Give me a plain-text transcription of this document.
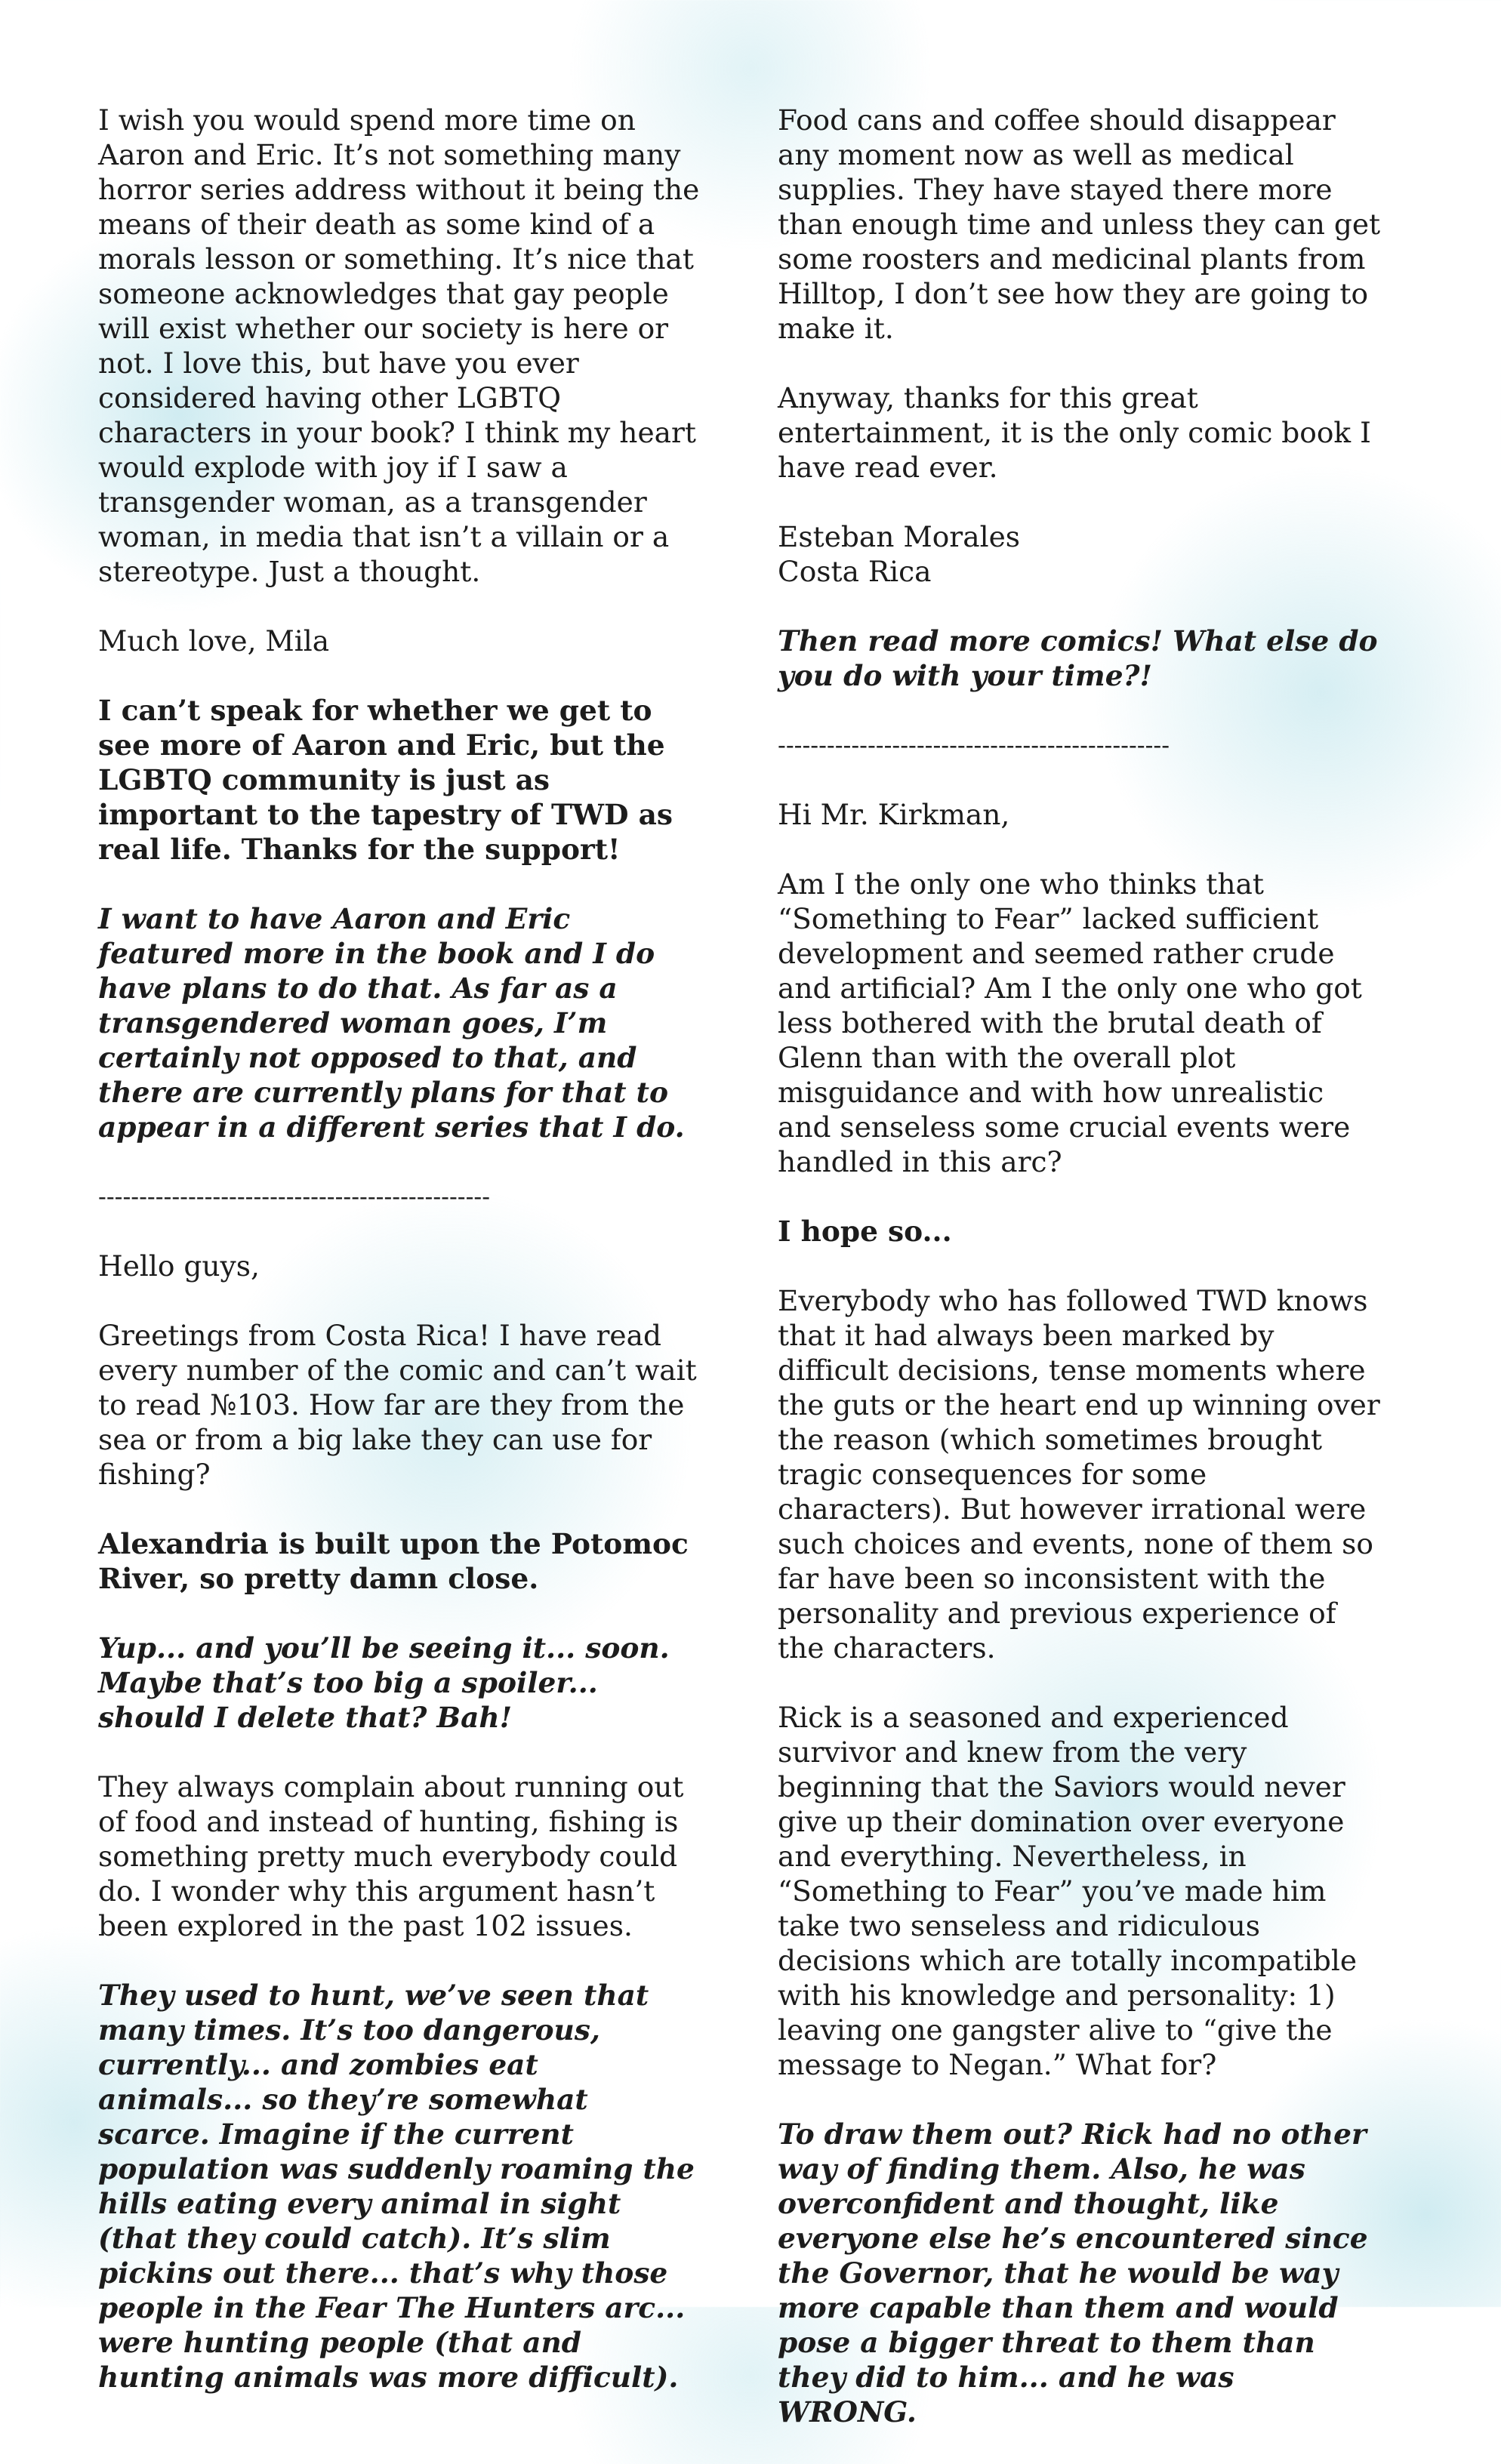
I wish you would spend more time on Aaron and Eric. It’s not something many horror series address without it being the means of their death as some kind of a morals lesson or something. It’s nice that someone acknowledges that gay people will exist whether our society is here or not. I love this, but have you ever considered having other LGBTQ characters in your book? I think my heart would explode with joy if I saw a transgender woman, as a transgender woman, in media that isn’t a villain or a stereotype. Just a thought.

Much love, Mila

I can’t speak for whether we get to see more of Aaron and Eric, but the LGBTQ community is just as important to the tapestry of TWD as real life. Thanks for the support!

I want to have Aaron and Eric featured more in the book and I do have plans to do that. As far as a transgendered woman goes, I’m certainly not opposed to that, and there are currently plans for that to appear in a different series that I do.

------------------------------------------------

Hello guys,

Greetings from Costa Rica! I have read every number of the comic and can’t wait to read №103. How far are they from the sea or from a big lake they can use for fishing?

Alexandria is built upon the Potomoc River, so pretty damn close.

Yup... and you’ll be seeing it... soon. Maybe that’s too big a spoiler... should I delete that? Bah!

They always complain about running out of food and instead of hunting, fishing is something pretty much everybody could do. I wonder why this argument hasn’t been explored in the past 102 issues.

They used to hunt, we’ve seen that many times. It’s too dangerous, currently... and zombies eat animals... so they’re somewhat scarce. Imagine if the current population was suddenly roaming the hills eating every animal in sight (that they could catch). It’s slim pickins out there... that’s why those people in the Fear The Hunters arc... were hunting people (that and hunting animals was more difficult).

Food cans and coffee should disappear any moment now as well as medical supplies. They have stayed there more than enough time and unless they can get some roosters and medicinal plants from Hilltop, I don’t see how they are going to make it.

Anyway, thanks for this great entertainment, it is the only comic book I have read ever.

Esteban Morales
Costa Rica

Then read more comics! What else do you do with your time?!

------------------------------------------------

Hi Mr. Kirkman,

Am I the only one who thinks that “Something to Fear” lacked sufficient development and seemed rather crude and artificial? Am I the only one who got less bothered with the brutal death of Glenn than with the overall plot misguidance and with how unrealistic and senseless some crucial events were handled in this arc?

I hope so...

Everybody who has followed TWD knows that it had always been marked by difficult decisions, tense moments where the guts or the heart end up winning over the reason (which sometimes brought tragic consequences for some characters). But however irrational were such choices and events, none of them so far have been so inconsistent with the personality and previous experience of the characters.

Rick is a seasoned and experienced survivor and knew from the very beginning that the Saviors would never give up their domination over everyone and everything. Nevertheless, in “Something to Fear” you’ve made him take two senseless and ridiculous decisions which are totally incompatible with his knowledge and personality: 1) leaving one gangster alive to “give the message to Negan.” What for?

To draw them out? Rick had no other way of finding them. Also, he was overconfident and thought, like everyone else he’s encountered since the Governor, that he would be way more capable than them and would pose a bigger threat to them than they did to him... and he was WRONG.
